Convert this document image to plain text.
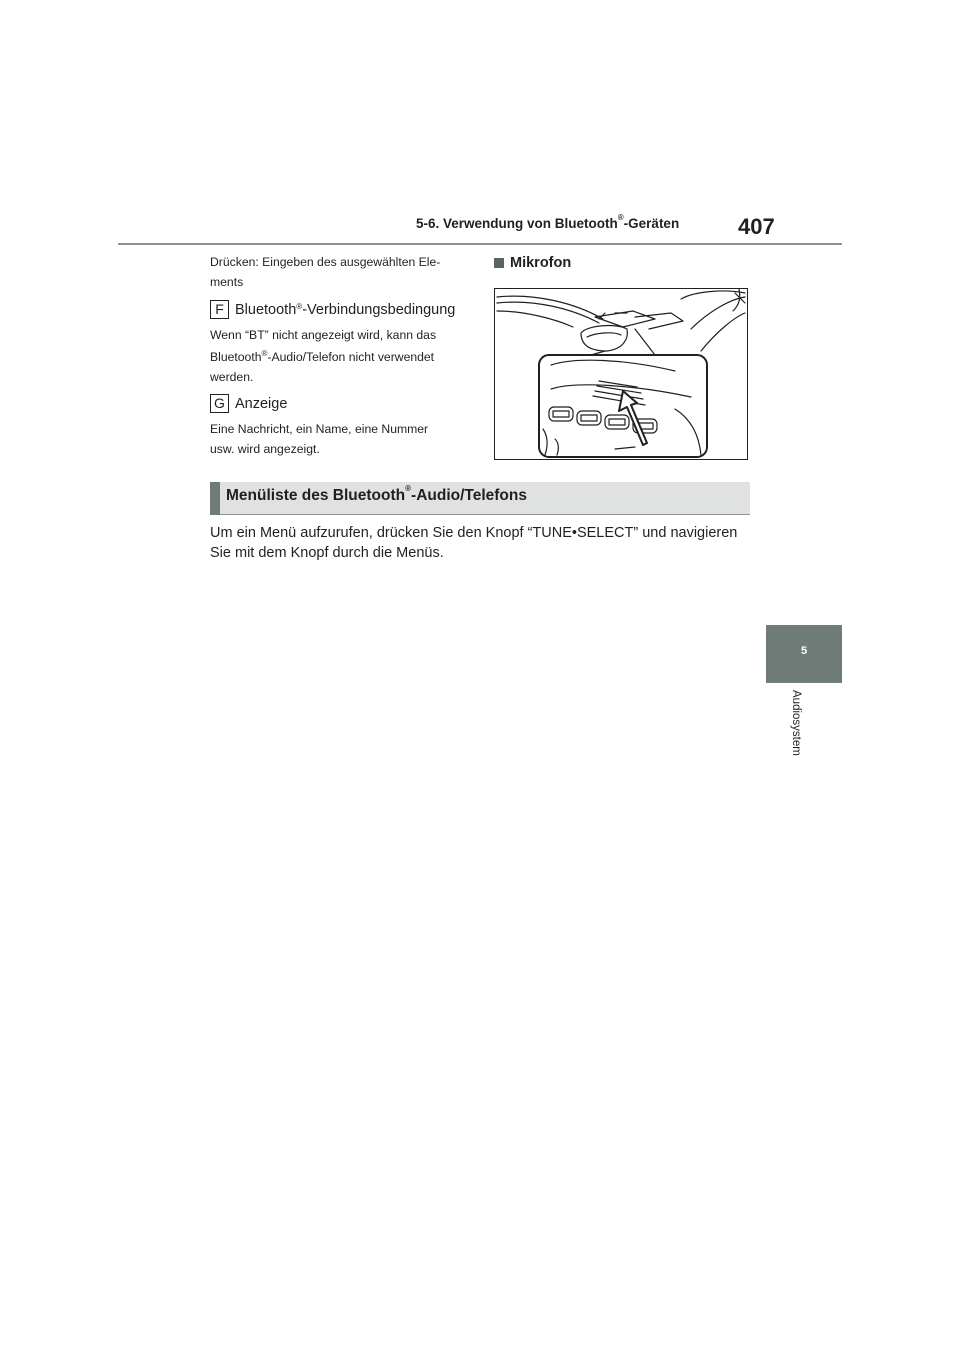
5-6. Verwendung von Bluetooth®-Geräten	407
Drücken: Eingeben des ausgewählten Ele-
ments
F Bluetooth® -Verbindungsbedingung
Wenn “BT” nicht angezeigt wird, kann das
Bluetooth®-Audio/Telefon nicht verwendet
werden.
G Anzeige
Eine Nachricht, ein Name, eine Nummer
usw. wird angezeigt.
Mikrofon
Menüliste des Bluetooth®-Audio/Telefons
Um ein Menü aufzurufen, drücken Sie den Knopf “TUNE•SELECT” und navigieren
Sie mit dem Knopf durch die Menüs.
5
Audiosystem
